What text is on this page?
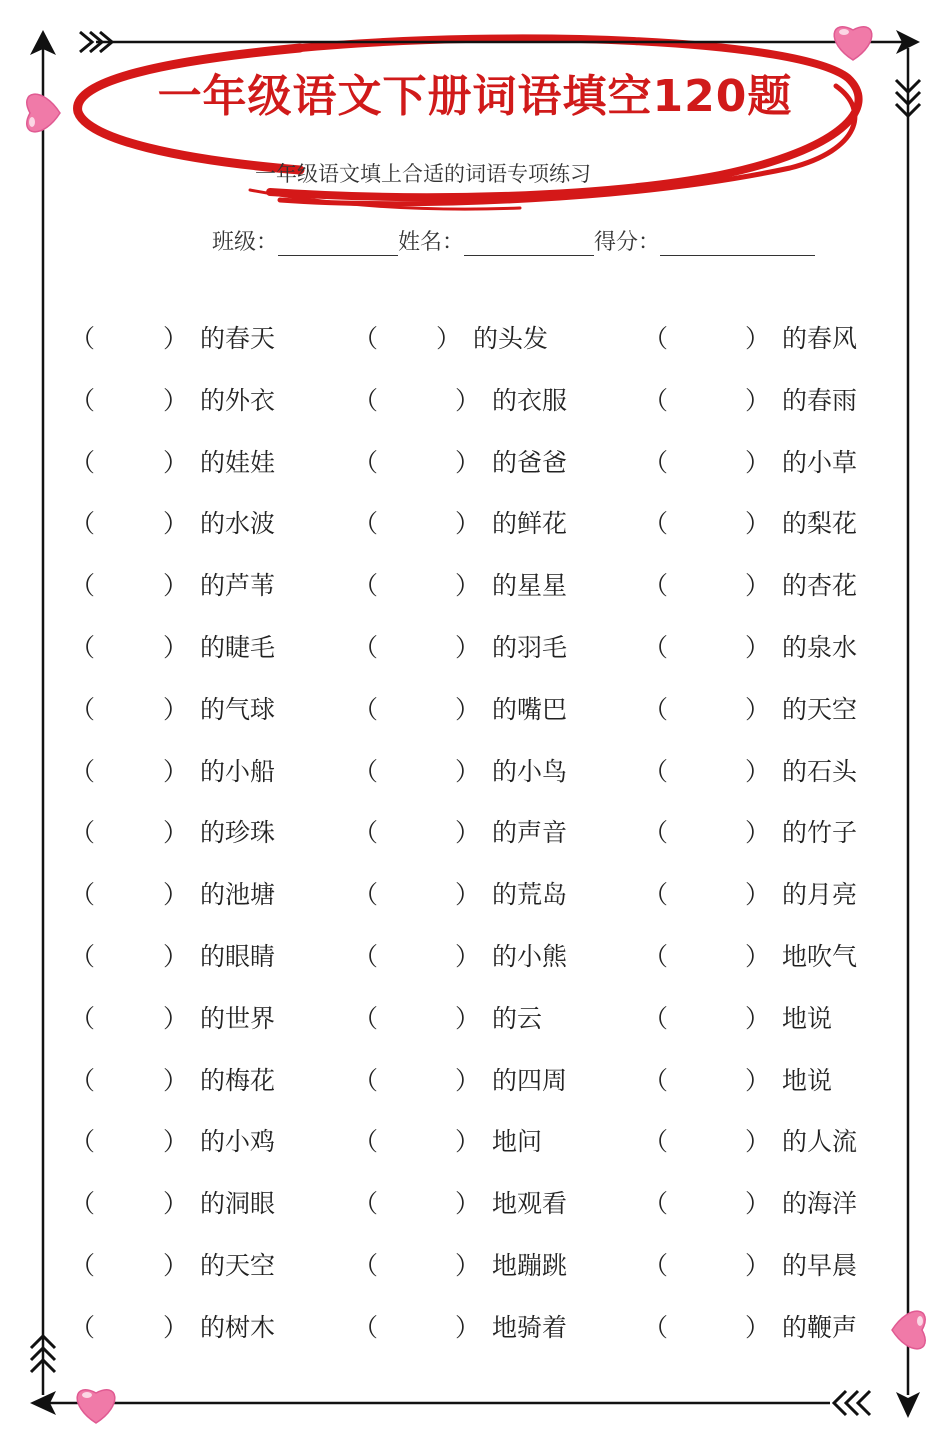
一年级语文下册词语填空120题
一年级语文填上合适的词语专项练习
班级：	姓名：	得分：
（	） 的春天	（ ） 的头发	（	） 的春风
（	） 的外衣	（	） 的衣服	（	） 的春雨
（	） 的娃娃	（	） 的爸爸	（	） 的小草
（	） 的水波	（	） 的鲜花	（	） 的梨花
（	） 的芦苇	（	） 的星星	（	） 的杏花
（	） 的睫毛	（	） 的羽毛	（	） 的泉水
（	） 的气球	（	） 的嘴巴	（	） 的天空
（	） 的小船	（	） 的小鸟	（	） 的石头
（	） 的珍珠	（	） 的声音	（	） 的竹子
（	） 的池塘	（	） 的荒岛	（	） 的月亮
（	） 的眼睛	（	） 的小熊	（	） 地吹气
（	） 的世界	（	） 的云	（	） 地说
（	） 的梅花	（	） 的四周	（	） 地说
（	） 的小鸡	（	） 地问	（	） 的人流
（	） 的洞眼	（	） 地观看	（	） 的海洋
（	） 的天空	（	） 地蹦跳	（	） 的早晨
（	） 的树木	（	） 地骑着	（	） 的鞭声
